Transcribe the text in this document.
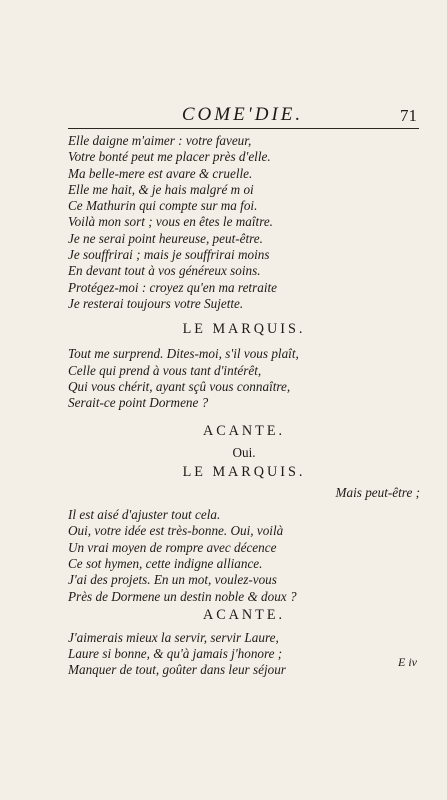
COME'DIE.	71
Elle daigne m'aimer : votre faveur,
Votre bonté peut me placer près d'elle.
Ma belle-mere est avare & cruelle.
Elle me hait, & je hais malgré m oi
Ce Mathurin qui compte sur ma foi.
Voilà mon sort ; vous en êtes le maître.
Je ne serai point heureuse, peut-être.
Je souffrirai ; mais je souffrirai moins
En devant tout à vos généreux soins.
Protégez-moi : croyez qu'en ma retraite
Je resterai toujours votre Sujette.
LE MARQUIS.
Tout me surprend. Dites-moi, s'il vous plaît,
Celle qui prend à vous tant d'intérêt,
Qui vous chérit, ayant sçû vous connaître,
Serait-ce point Dormene ?
ACANTE.
Oui.
LE MARQUIS.
Mais peut-être ;
Il est aisé d'ajuster tout cela.
Oui, votre idée est très-bonne. Oui, voilà
Un vrai moyen de rompre avec décence
Ce sot hymen, cette indigne alliance.
J'ai des projets. En un mot, voulez-vous
Près de Dormene un destin noble & doux ?
ACANTE.
J'aimerais mieux la servir, servir Laure,
Laure si bonne, & qu'à jamais j'honore ;
Manquer de tout, goûter dans leur séjour
E iv
